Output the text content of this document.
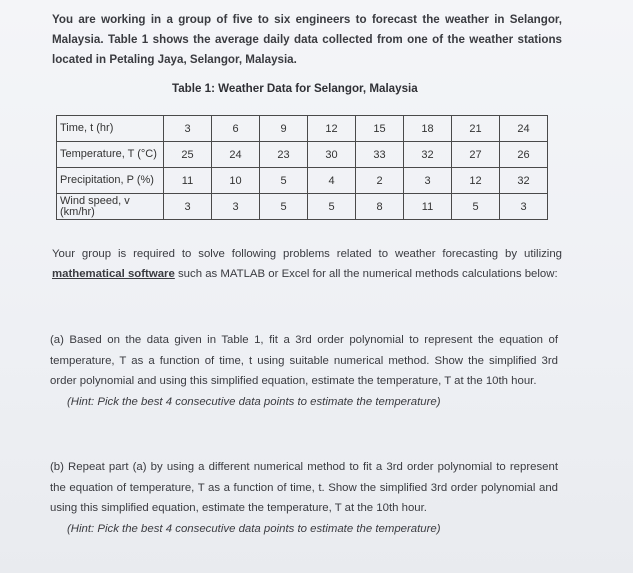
You are working in a group of five to six engineers to forecast the weather in Selangor, Malaysia. Table 1 shows the average daily data collected from one of the weather stations located in Petaling Jaya, Selangor, Malaysia.
Table 1: Weather Data for Selangor, Malaysia
Time, t (hr)	3	6	9	12	15	18	21	24
Temperature, T (°C)	25	24	23	30	33	32	27	26
Precipitation, P (%)	11	10	5	4	2	3	12	32
Wind speed, v (km/hr)	3	3	5	5	8	11	5	3
Your group is required to solve following problems related to weather forecasting by utilizing mathematical software such as MATLAB or Excel for all the numerical methods calculations below:
(a) Based on the data given in Table 1, fit a 3rd order polynomial to represent the equation of temperature, T as a function of time, t using suitable numerical method. Show the simplified 3rd order polynomial and using this simplified equation, estimate the temperature, T at the 10th hour.
(Hint: Pick the best 4 consecutive data points to estimate the temperature)
(b) Repeat part (a) by using a different numerical method to fit a 3rd order polynomial to represent the equation of temperature, T as a function of time, t. Show the simplified 3rd order polynomial and using this simplified equation, estimate the temperature, T at the 10th hour.
(Hint: Pick the best 4 consecutive data points to estimate the temperature)
